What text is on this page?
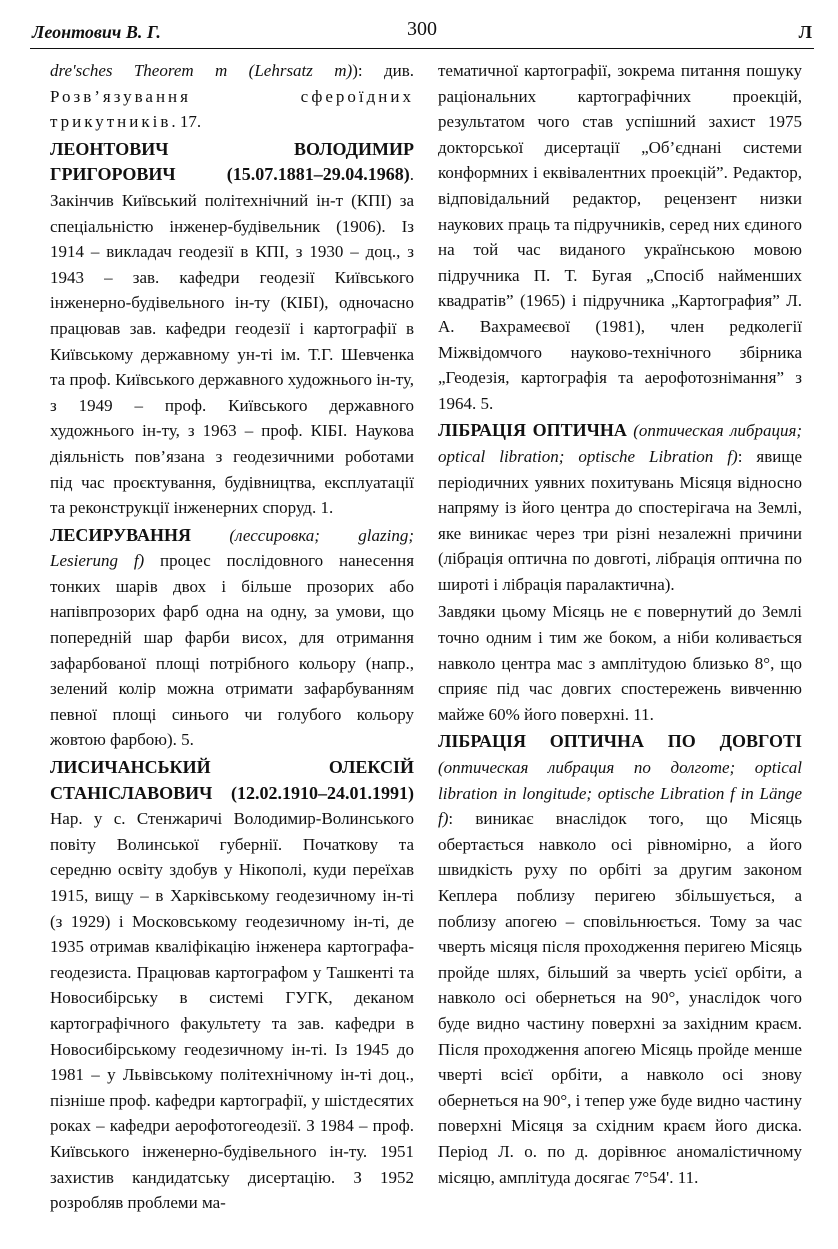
Леонтович В. Г.	300	Л

dre'sches Theorem m (Lehrsatz m)): див. Розв’язування сфероїдних трикутників. 17.

ЛЕОНТОВИЧ ВОЛОДИМИР ГРИГОРОВИЧ (15.07.1881–29.04.1968). Закінчив Київський політехнічний ін-т (КПІ) за спеціальністю інженер-будівельник (1906). Із 1914 – викладач геодезії в КПІ, з 1930 – доц., з 1943 – зав. кафедри геодезії Київського інженерно-будівельного ін-ту (КІБІ), одночасно працював зав. кафедри геодезії і картографії в Київському державному ун-ті ім. Т.Г. Шевченка та проф. Київського державного художнього ін-ту, з 1949 – проф. Київського державного художнього ін-ту, з 1963 – проф. КІБІ. Наукова діяльність пов’язана з геодезичними роботами під час проєктування, будівництва, експлуатації та реконструкції інженерних споруд. 1.

ЛЕСИРУВАННЯ (лессировка; glazing; Lesierung f) процес послідовного нанесення тонких шарів двох і більше прозорих або напівпрозорих фарб одна на одну, за умови, що попередній шар фарби висох, для отримання зафарбованої площі потрібного кольору (напр., зелений колір можна отримати зафарбуванням певної площі синього чи голубого кольору жовтою фарбою). 5.

ЛИСИЧАНСЬКИЙ ОЛЕКСІЙ СТАНІСЛАВОВИЧ (12.02.1910–24.01.1991) Нар. у с. Стенжаричі Володимир-Волинського повіту Волинської губернії. Початкову та середню освіту здобув у Нікополі, куди переїхав 1915, вищу – в Харківському геодезичному ін-ті (з 1929) і Московському геодезичному ін-ті, де 1935 отримав кваліфікацію інженера картографа-геодезиста. Працював картографом у Ташкенті та Новосибірську в системі ГУГК, деканом картографічного факультету та зав. кафедри в Новосибірському геодезичному ін-ті. Із 1945 до 1981 – у Львівському політехнічному ін-ті доц., пізніше проф. кафедри картографії, у шістдесятих роках – кафедри аерофотогеодезії. З 1984 – проф. Київського інженерно-будівельного ін-ту. 1951 захистив кандидатську дисертацію. З 1952 розробляв проблеми ма-

тематичної картографії, зокрема питання пошуку раціональних картографічних проекцій, результатом чого став успішний захист 1975 докторської дисертації „Об’єднані системи конформних і еквівалентних проекцій”. Редактор, відповідальний редактор, рецензент низки наукових праць та підручників, серед них єдиного на той час виданого українською мовою підручника П. Т. Бугая „Спосіб найменших квадратів” (1965) і підручника „Картография” Л. А. Вахрамеєвої (1981), член редколегії Міжвідомчого науково-технічного збірника „Геодезія, картографія та аерофотознімання” з 1964. 5.

ЛІБРАЦІЯ ОПТИЧНА (оптическая либрация; optical libration; optische Libration f): явище періодичних уявних похитувань Місяця відносно напряму із його центра до спостерігача на Землі, яке виникає через три різні незалежні причини (лібрація оптична по довготі, лібрація оптична по широті і лібрація паралактична).

Завдяки цьому Місяць не є повернутий до Землі точно одним і тим же боком, а ніби коливається навколо центра мас з амплітудою близько 8°, що сприяє під час довгих спостережень вивченню майже 60% його поверхні. 11.

ЛІБРАЦІЯ ОПТИЧНА ПО ДОВГОТІ (оптическая либрация по долготе; optical libration in longitude; optische Libration f in Länge f): виникає внаслідок того, що Місяць обертається навколо осі рівномірно, а його швидкість руху по орбіті за другим законом Кеплера поблизу перигею збільшується, а поблизу апогею – сповільнюється. Тому за час чверть місяця після проходження перигею Місяць пройде шлях, більший за чверть усієї орбіти, а навколо осі обернеться на 90°, унаслідок чого буде видно частину поверхні за західним краєм. Після проходження апогею Місяць пройде менше чверті всієї орбіти, а навколо осі знову обернеться на 90°, і тепер уже буде видно частину поверхні Місяця за східним краєм його диска. Період Л. о. по д. дорівнює аномалістичному місяцю, амплітуда досягає 7°54'. 11.
